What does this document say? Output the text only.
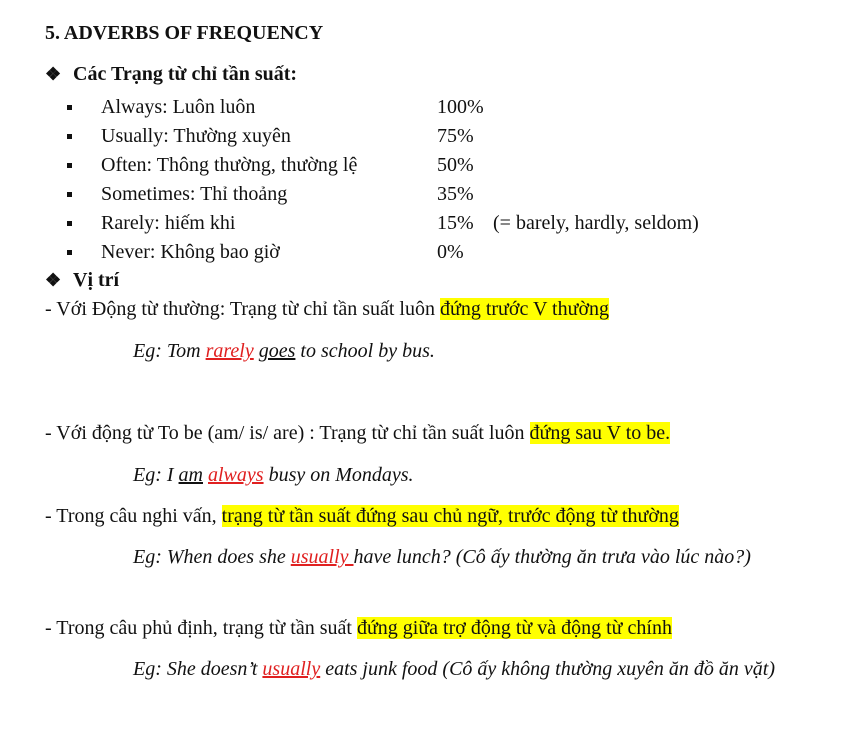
5. ADVERBS OF FREQUENCY
❖ Các Trạng từ chỉ tần suất:
Always: Luôn luôn	100%
Usually: Thường xuyên	75%
Often: Thông thường, thường lệ	50%
Sometimes: Thỉ thoảng	35%
Rarely: hiếm khi	15% (= barely, hardly, seldom)
Never: Không bao giờ	0%
❖ Vị trí
- Với Động từ thường: Trạng từ chỉ tần suất luôn đứng trước V thường
Eg: Tom rarely goes to school by bus.
- Với động từ To be (am/ is/ are) : Trạng từ chỉ tần suất luôn đứng sau V to be.
Eg: I am always busy on Mondays.
- Trong câu nghi vấn, trạng từ tần suất đứng sau chủ ngữ, trước động từ thường
Eg: When does she usually have lunch? (Cô ấy thường ăn trưa vào lúc nào?)
- Trong câu phủ định, trạng từ tần suất đứng giữa trợ động từ và động từ chính
Eg: She doesn’t usually eats junk food (Cô ấy không thường xuyên ăn đồ ăn vặt)
